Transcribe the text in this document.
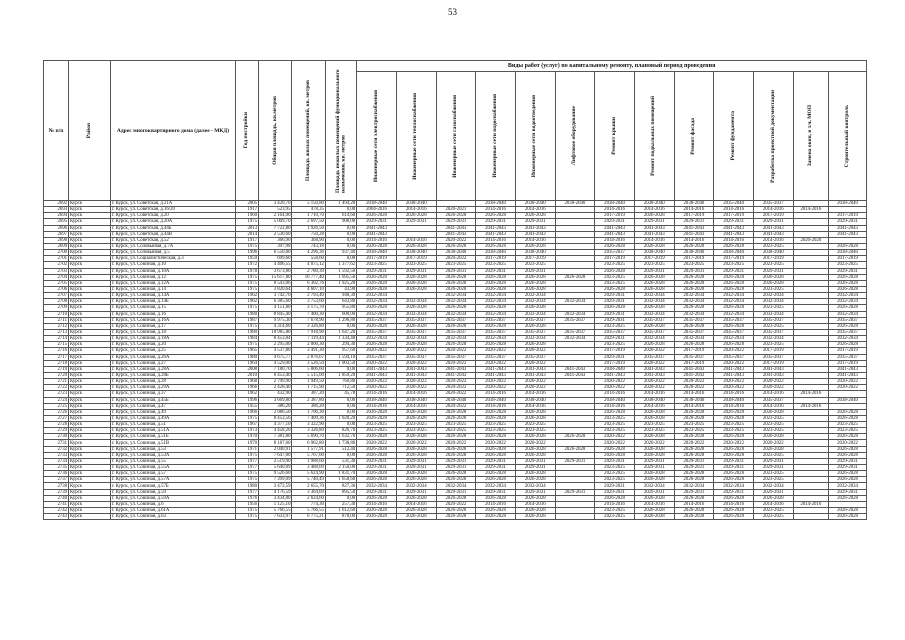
53
№ п/п	Район	Адрес многоквартирного дома (далее - МКД)	Год постройки	Общая площадь, кв.метров	Площадь жилых помещений, кв. метров	Площадь нежилых помещений функционального назначения, кв. метров	Виды работ (услуг) по капитальному ремонту, плановый период проведения												

							Инженерные сети электроснабжения	Инженерные сети теплоснабжения	Инженерные сети газоснабжения	Инженерные сети водоснабжения	Инженерные сети водоотведения	Лифтовое оборудование	Ремонт крыши	Ремонт подвальных помещений	Ремонт фасада	Ремонт фундамента	Разработка проектной документации	Замена окон, в т.ч. МОП	Строительный контроль

2692	Курск	г. Курск, ул. Советская, д.21А	2005	3 420,70	5 150,80	1 494,20	2038-2040	2038-2040		2038-2040	2038-2040	2038-2040	2038-2040	2038-2040	2038-2040	2035-2040	2035-2037		2038-2040
2693	Курск	г. Курск, ул. Советская, д.16/20	1917	523,95	478,35	0,00	2004-2016	2014-2016	2020-2021	2014-2016	2014-2016		2014-2016	2014-2016	2014-2016	2014-2016	2014-2016	2014-2016	
2694	Курск	г. Курск, ул. Советская, д.20	1960	2 164,00	1 710,70	614,60	2026-2028	2026-2028	2026-2028	2026-2028	2026-2028		2017-2019	2026-2028	2017-2019	2017-2019	2017-2019		2017-2019
2695	Курск	г. Курск, ул. Советская, д.20А	1975	5 009,70	2 697,50	908,00	2029-2031	2029-2031	2029-2031	2029-2031	2029-2031		2029-2031	2029-2031	2029-2031	2029-2031	2029-2031		2029-2031
2696	Курск	г. Курск, ул. Советская, д.44Б	2013	7 722,80	1 926,50	0,00	2041-2043		2041-2043	2041-2043	2041-2043		2041-2043	2041-2043	2041-2043	2041-2043	2041-2043		2041-2043
2697	Курск	г. Курск, ул. Советская, д.44В	2014	2 530,60	750,28	0,00	2041-2043		2041-2043	2041-2043	2041-2043		2041-2043	2041-2043	2041-2043	2041-2043	2041-2043		2041-2043
2698	Курск	г. Курск, ул. Советская, д.52	1917	366,90	368,90	0,00	2014-2016	2014-2016	2020-2022	2014-2016	2014-2016		2014-2016	2014-2016	2014-2016	2014-2016	2014-2016	2020-2020	
2699	Курск	г. Курск, ул. Соловьиная, д.7А	1975	397,98	743,18	0,00	2026-2028	2026-2028	2026-2028	2026-2028	2026-2028		2026-2028	2026-2028	2026-2028	2026-2028	2023-2025		2026-2028
2700	Курск	г. Курск, ул. Соловьиная, д.5	1996	6 550,00	4 296,36	937,40	2038-2040	2038-2040	2038-2040	2038-2040	2038-2040		2035-2037	2038-2040	2038-2040	2038-2040	2038-2040		2038-2040
2701	Курск	г. Курск, ул. Социалистическая, д.3	1959	699,60	558,60	0,00	2017-2019	2017-2019	2020-2022	2017-2019	2017-2019		2017-2019	2017-2019	2017-2019	2017-2019	2017-2019		2017-2019
2702	Курск	г. Курск, ул. Союзная, д.10	1972	4 406,55	4 075,12	1 377,62	2023-2025	2023-2025	2023-2025	2023-2025	2023-2025		2023-2025	2023-2025	2023-2025	2023-2025	2023-2025		2023-2025
2703	Курск	г. Курск, ул. Союзная, д.10А	1978	3 673,80	2 780,39	1 592,50	2029-2031	2029-2031	2029-2031	2029-2031	2029-2031		2026-2028	2029-2031	2029-2031	2029-2031	2029-2031		2029-2031
2704	Курск	г. Курск, ул. Союзная, д.12	1975	15 617,80	10 777,40	1 695,50	2026-2028	2026-2028	2026-2028	2026-2028	2026-2028	2026-2028	2023-2025	2026-2028	2026-2028	2026-2028	2026-2028		2026-2028
2705	Курск	г. Курск, ул. Союзная, д.12А	1975	8 543,06	6 302,76	1 925,20	2026-2028	2026-2028	2026-2028	2026-2028	2026-2028		2023-2025	2026-2028	2026-2028	2026-2028	2026-2028		2026-2028
2706	Курск	г. Курск, ул. Союзная, д.14	1975	3 820,64	4 607,10	43,90	2026-2028	2026-2028	2026-2028	2026-2028	2026-2028		2026-2028	2026-2028	2026-2028	2026-2028	2023-2025		2026-2028
2707	Курск	г. Курск, ул. Союзная, д.14А	1962	3 742,70	2 793,40	948,30	2032-2034		2032-2034	2032-2034	2032-2034		2029-2031	2032-2034	2032-2034	2032-2034	2032-2034		2032-2034
2708	Курск	г. Курск, ул. Союзная, д.14Б	1962	6 385,60	3 753,60	643,80	2032-2034	2032-2034	2032-2034	2032-2034	2032-2034	2032-2034	2029-2031	2032-2034	2032-2034	2032-2034	2032-2034		2032-2034
2709	Курск	г. Курск, ул. Союзная, д.15	1975	4 151,80	3 175,70	955,80	2026-2028	2026-2028	2026-2028	2026-2028	2026-2028		2026-2028	2026-2028	2026-2028	2026-2028	2023-2025		2026-2028
2710	Курск	г. Курск, ул. Союзная, д.16	1980	8 845,40	7 400,30	600,00	2032-2034	2032-2034	2032-2034	2032-2034	2032-2034	2032-2034	2029-2031	2032-2034	2032-2034	2032-2034	2032-2034		2032-2034
2711	Курск	г. Курск, ул. Союзная, д.16А	1987	9 975,30	7 678,90	1 296,80	2035-2037	2035-2037	2035-2037	2035-2037	2035-2037	2035-2037	2029-2031	2035-2037	2035-2037	2035-2037	2035-2037		2035-2037
2712	Курск	г. Курск, ул. Союзная, д.17	1975	4 314,60	3 326,80	0,00	2026-2028	2026-2028	2026-2028	2026-2028	2026-2028		2023-2025	2026-2028	2026-2028	2026-2028	2023-2025		2026-2028
2713	Курск	г. Курск, ул. Союзная, д.18	1980	10 965,80	7 918,90	1 647,20	2035-2037	2035-2037	2035-2037	2035-2037	2035-2037	2035-2037	2035-2037	2035-2037	2035-2037	2035-2037	2035-2037		2035-2037
2714	Курск	г. Курск, ул. Союзная, д.18А	1984	8 453,84	7 119,44	1 334,40	2032-2034	2032-2034	2032-2034	2032-2034	2032-2034	2032-2034	2029-2031	2032-2034	2032-2034	2032-2034	2032-2034		2032-2034
2715	Курск	г. Курск, ул. Союзная, д.20	1975	2 295,00	2 000,30	294,30	2026-2028	2026-2028	2026-2028	2026-2028	2026-2028		2023-2025	2026-2028	2026-2028	2026-2028	2023-2025		2026-2028
2716	Курск	г. Курск, ул. Союзная, д.25	1965	4 537,80	3 491,30	957,60	2020-2022	2020-2022	2020-2022	2020-2022	2020-2022		2017-2019	2020-2022	2017-2019	2020-2022	2017-2019		2017-2019
2717	Курск	г. Курск, ул. Союзная, д.26А	1980	4 675,77	2 876,67	1 594,10	2035-2037	2035-2037	2035-2037	2035-2037	2035-2037		2029-2031	2035-2037	2035-2037	2035-2037	2035-2037		2035-2037
2718	Курск	г. Курск, ул. Союзная, д.27	1964	4 529,00	3 526,50	1 003,50	2020-2022	2020-2022	2020-2022	2020-2022	2020-2022		2017-2019	2020-2022	2017-2019	2020-2022	2017-2019		2017-2019
2719	Курск	г. Курск, ул. Союзная, д.28А	2008	7 180,70	5 806,60	0,00	2041-2043	2041-2043	2041-2043	2041-2043	2041-2043	2041-2043	2038-2040	2041-2043	2041-2043	2041-2043	2041-2043		2041-2043
2720	Курск	г. Курск, ул. Союзная, д.28Б	2010	8 453,40	5 515,00	1 859,20	2041-2043	2041-2043	2041-2043	2041-2043	2041-2043	2041-2043	2041-2043	2041-2043	2041-2043	2041-2043	2041-2043		2041-2043
2721	Курск	г. Курск, ул. Союзная, д.28	1968	2 799,90	1 949,50	760,80	2020-2022	2020-2022	2020-2022	2020-2022	2020-2022		2020-2022	2020-2022	2020-2022	2020-2022	2020-2022		2020-2022
2722	Курск	г. Курск, ул. Союзная, д.29А	1966	2 428,40	1 715,90	712,50	2020-2022	2020-2022	2020-2022	2020-2022	2020-2022		2020-2022	2020-2022	2020-2022	2020-2022	2020-2022		2020-2022
2723	Курск	г. Курск, ул. Союзная, д.37	1962	432,90	387,20	45,70	2014-2016	2014-2016	2020-2022	2014-2016	2014-2016		2014-2016	2014-2016	2014-2016	2014-2016	2014-2016	2014-2016	
2724	Курск	г. Курск, ул. Союзная, д.45Б	1996	3 669,80	2 387,80	0,00	2038-2040	2038-2040	2038-2040	2038-2040	2038-2040		2038-2040	2038-2040	2038-2040	2038-2040	2035-2037		2038-2040
2725	Курск	г. Курск, ул. Союзная, д.47	1955	386,20	386,20	0,00	2014-2016	2014-2016	2020-2022	2014-2016	2014-2016		2014-2016	2014-2016	2014-2016	2014-2016	2014-2016	2014-2016	
2726	Курск	г. Курск, ул. Союзная, д.49	1966	2 086,50	1 706,30	0,00	2026-2028	2026-2028	2026-2028	2026-2028	2026-2028		2026-2028	2026-2028	2026-2028	2026-2028	2026-2028		2026-2028
2727	Курск	г. Курск, ул. Союзная, д.49А	1975	8 453,56	7 409,36	1 020,20	2026-2028	2026-2028	2026-2028	2026-2028	2026-2028		2023-2025	2026-2028	2026-2028	2026-2028	2023-2025		2026-2028
2728	Курск	г. Курск, ул. Союзная, д.51	1967	4 377,10	3 322,90	0,00	2023-2025	2023-2025	2023-2025	2023-2025	2023-2025		2023-2025	2023-2025	2023-2025	2023-2025	2023-2025		2023-2025
2729	Курск	г. Курск, ул. Союзная, д.51А	1973	4 458,20	3 326,80	826,70	2023-2025	2023-2025	2023-2025	2023-2025	2023-2025		2023-2025	2023-2025	2023-2025	2023-2025	2023-2025		2023-2025
2730	Курск	г. Курск, ул. Союзная, д.51Б	1970	7 381,80	5 690,70	1 632,70	2026-2028	2026-2028	2026-2028	2026-2028	2026-2028	2026-2028	2020-2022	2026-2028	2026-2028	2026-2028	2026-2028		2026-2028
2731	Курск	г. Курск, ул. Союзная, д.51В	1970	8 187,60	6 962,80	1 738,80	2020-2022	2020-2022	2020-2022	2020-2022	2020-2022		2020-2022	2020-2022	2020-2022	2020-2022	2020-2022		2020-2022
2732	Курск	г. Курск, ул. Союзная, д.53	1971	2 040,91	1 577,91	512,40	2026-2028	2026-2028	2026-2028	2026-2028	2026-2028	2026-2028	2026-2028	2026-2028	2026-2028	2026-2028	2026-2028		2026-2028
2733	Курск	г. Курск, ул. Союзная, д.53А	1975	7 647,00	5 767,00	0,00	2026-2028	2026-2028	2026-2028	2026-2028	2026-2028		2026-2028	2026-2028	2026-2028	2026-2028	2023-2025		2026-2028
2734	Курск	г. Курск, ул. Союзная, д.55	1977	2 519,90	1 988,60	531,30	2029-2031	2029-2031	2029-2031	2029-2031	2029-2031	2029-2031	2029-2031	2029-2031	2029-2031	2029-2031	2029-2031		2029-2031
2735	Курск	г. Курск, ул. Союзная, д.55А	1977	5 640,09	3 488,09	2 150,00	2029-2031	2029-2031	2029-2031	2029-2031	2029-2031		2023-2025	2029-2031	2029-2031	2029-2031	2029-2031		2029-2031
2736	Курск	г. Курск, ул. Союзная, д.57	1975	9 526,60	5 624,90	1 831,70	2026-2028	2026-2028	2026-2028	2026-2028	2026-2028		2023-2025	2026-2028	2026-2028	2026-2028	2023-2025		2026-2028
2737	Курск	г. Курск, ул. Союзная, д.57А	1975	7 399,09	5 740,49	1 658,60	2026-2028	2026-2028	2026-2028	2026-2028	2026-2028		2023-2025	2026-2028	2026-2028	2026-2028	2023-2025		2026-2028
2738	Курск	г. Курск, ул. Союзная, д.57Б	1980	3 472,59	2 655,70	827,30	2032-2034	2032-2034	2032-2034	2032-2034	2032-2034		2029-2031	2032-2034	2032-2034	2032-2034	2032-2034		2032-2034
2739	Курск	г. Курск, ул. Союзная, д.59	1977	4 176,59	3 364,69	895,50	2029-2031	2029-2031	2029-2031	2029-2031	2029-2031	2029-2031	2029-2031	2029-2031	2029-2031	2029-2031	2029-2031		2029-2031
2740	Курск	г. Курск, ул. Союзная, д.59А	1976	3 434,80	2 624,60	0,00	2026-2028	2026-2028	2026-2028	2026-2028	2026-2028		2026-2028	2026-2028	2026-2028	2026-2028	2026-2028		2026-2028
2741	Курск	г. Курск, ул. Союзная, д.6	1956	1 125,10	774,30	257,30	2014-2016	2014-2016	2020-2022	2014-2016	2014-2016		2014-2016	2014-2016	2014-2016	2014-2016	2014-2016	2014-2016	
2742	Курск	г. Курск, ул. Союзная, д.61А	1975	5 766,55	5 766,55	1 612,60	2026-2028	2026-2028	2026-2028	2026-2028	2026-2028		2023-2025	2026-2028	2026-2028	2026-2028	2023-2025		2026-2028
2743	Курск	г. Курск, ул. Союзная, д.63	1975	7 633,97	6 775,21	878,00	2026-2028	2026-2028	2026-2028	2026-2028	2026-2028		2023-2025	2026-2028	2026-2028	2026-2028	2023-2025		2026-2028
